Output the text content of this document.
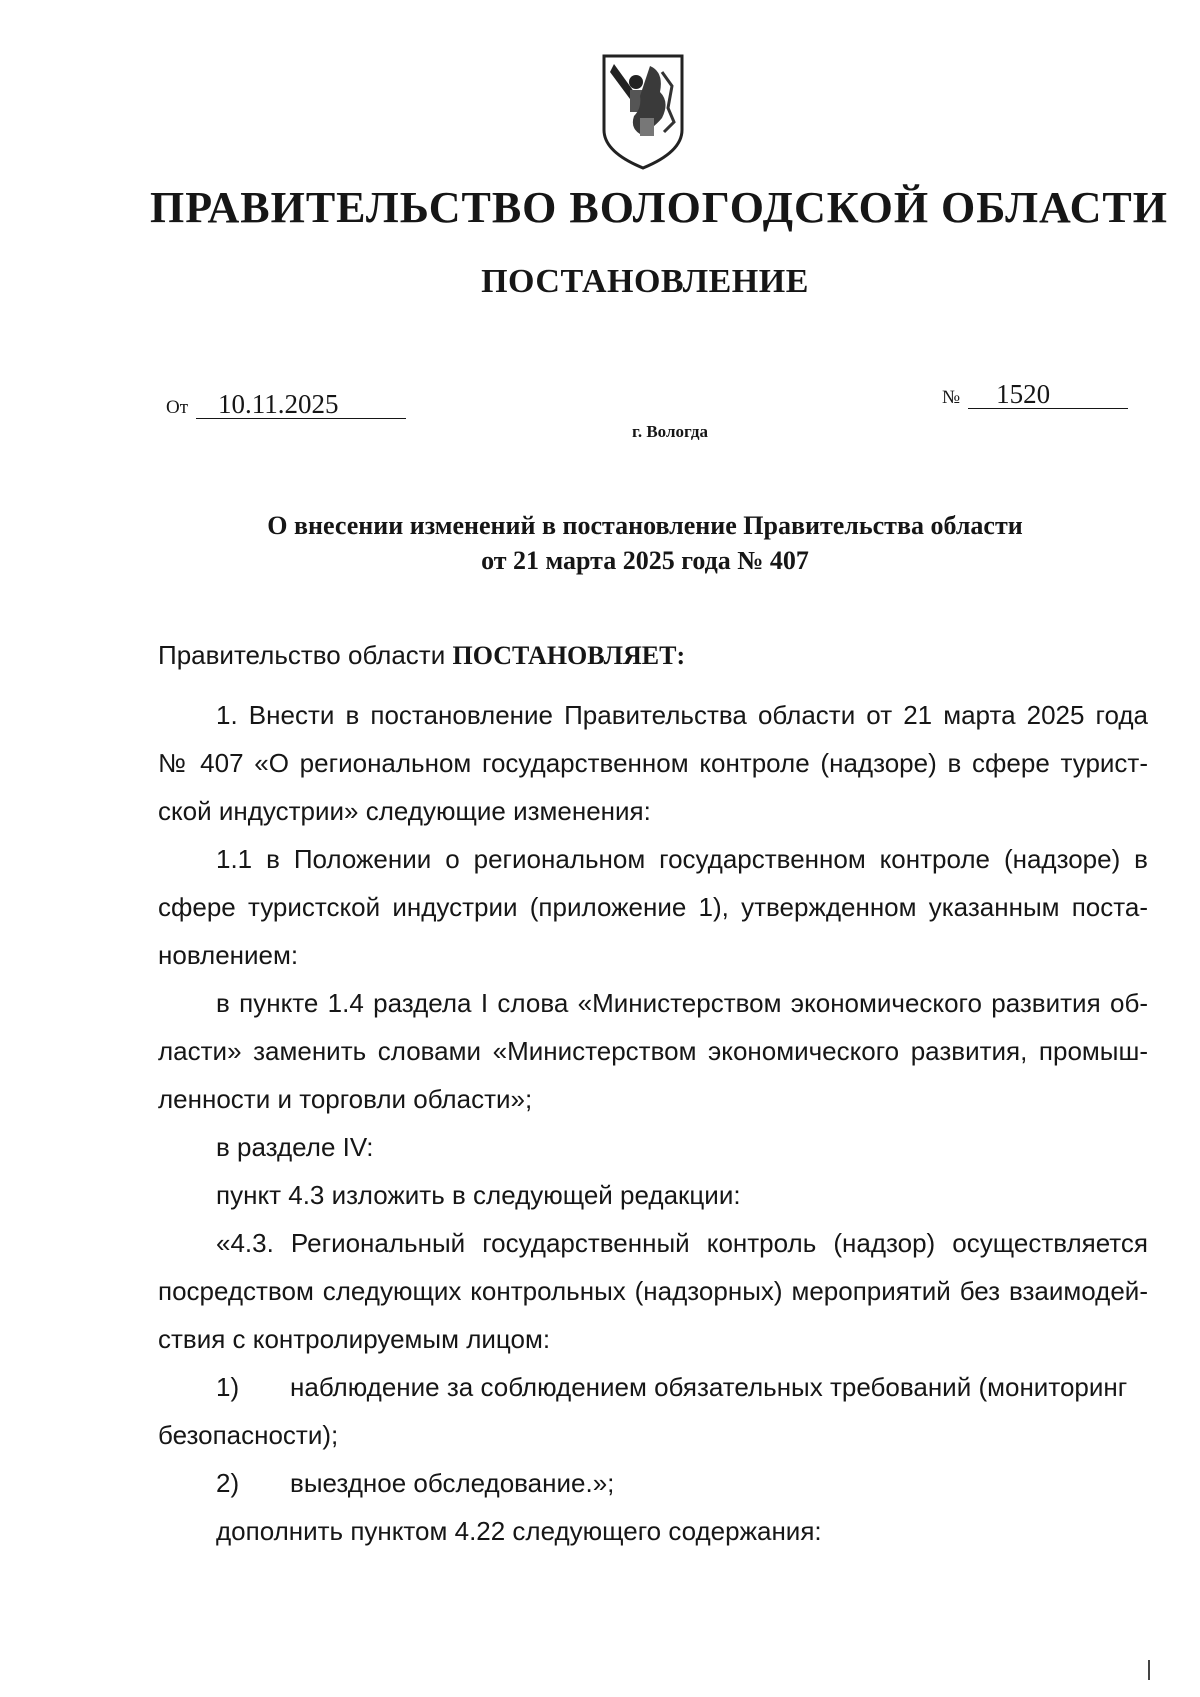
ПРАВИТЕЛЬСТВО ВОЛОГОДСКОЙ ОБЛАСТИ
ПОСТАНОВЛЕНИЕ
От 10.11.2025	№ 1520
г. Вологда
О внесении изменений в постановление Правительства области
от 21 марта 2025 года № 407
Правительство области ПОСТАНОВЛЯЕТ:
1. Внести в постановление Правительства области от 21 марта 2025 года
№ 407 «О региональном государственном контроле (надзоре) в сфере турист-
ской индустрии» следующие изменения:
1.1 в Положении о региональном государственном контроле (надзоре) в
сфере туристской индустрии (приложение 1), утвержденном указанным поста-
новлением:
в пункте 1.4 раздела I слова «Министерством экономического развития об-
ласти» заменить словами «Министерством экономического развития, промыш-
ленности и торговли области»;
в разделе IV:
пункт 4.3 изложить в следующей редакции:
«4.3. Региональный государственный контроль (надзор) осуществляется
посредством следующих контрольных (надзорных) мероприятий без взаимодей-
ствия с контролируемым лицом:
1) наблюдение за соблюдением обязательных требований (мониторинг
безопасности);
2) выездное обследование.»;
дополнить пунктом 4.22 следующего содержания:
